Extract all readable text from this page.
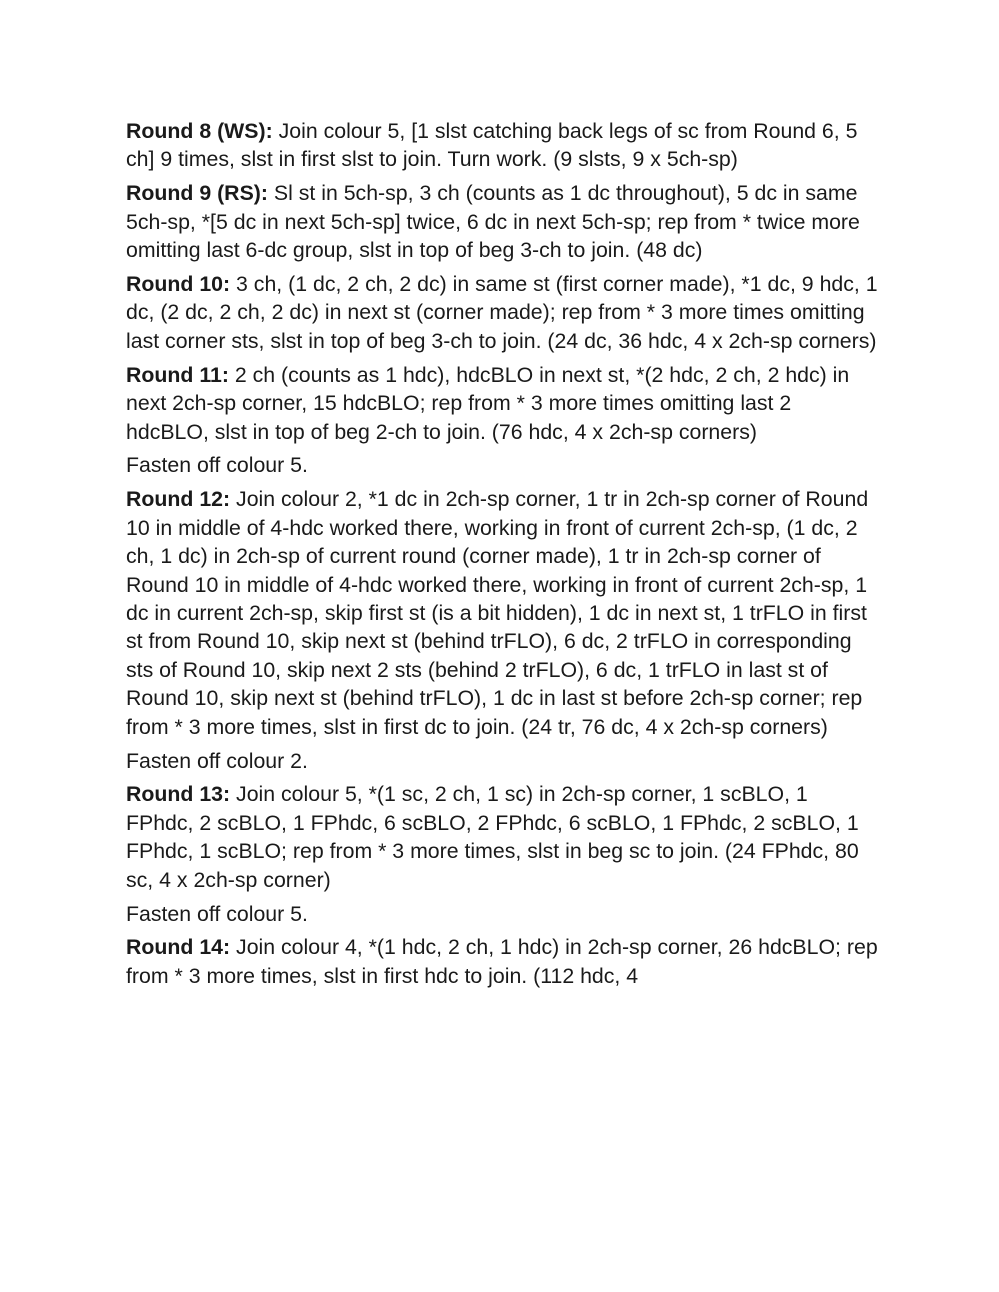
Round 8 (WS): Join colour 5, [1 slst catching back legs of sc from Round 6, 5 ch] 9 times, slst in first slst to join. Turn work. (9 slsts, 9 x 5ch-sp)

Round 9 (RS): Sl st in 5ch-sp, 3 ch (counts as 1 dc throughout), 5 dc in same 5ch-sp, *[5 dc in next 5ch-sp] twice, 6 dc in next 5ch-sp; rep from * twice more omitting last 6-dc group, slst in top of beg 3-ch to join. (48 dc)

Round 10: 3 ch, (1 dc, 2 ch, 2 dc) in same st (first corner made), *1 dc, 9 hdc, 1 dc, (2 dc, 2 ch, 2 dc) in next st (corner made); rep from * 3 more times omitting last corner sts, slst in top of beg 3-ch to join. (24 dc, 36 hdc, 4 x 2ch-sp corners)

Round 11: 2 ch (counts as 1 hdc), hdcBLO in next st, *(2 hdc, 2 ch, 2 hdc) in next 2ch-sp corner, 15 hdcBLO; rep from * 3 more times omitting last 2 hdcBLO, slst in top of beg 2-ch to join. (76 hdc, 4 x 2ch-sp corners)

Fasten off colour 5.

Round 12: Join colour 2, *1 dc in 2ch-sp corner, 1 tr in 2ch-sp corner of Round 10 in middle of 4-hdc worked there, working in front of current 2ch-sp, (1 dc, 2 ch, 1 dc) in 2ch-sp of current round (corner made), 1 tr in 2ch-sp corner of Round 10 in middle of 4-hdc worked there, working in front of current 2ch-sp, 1 dc in current 2ch-sp, skip first st (is a bit hidden), 1 dc in next st, 1 trFLO in first st from Round 10, skip next st (behind trFLO), 6 dc, 2 trFLO in corresponding sts of Round 10, skip next 2 sts (behind 2 trFLO), 6 dc, 1 trFLO in last st of Round 10, skip next st (behind trFLO), 1 dc in last st before 2ch-sp corner; rep from * 3 more times, slst in first dc to join. (24 tr, 76 dc, 4 x 2ch-sp corners)

Fasten off colour 2.

Round 13: Join colour 5, *(1 sc, 2 ch, 1 sc) in 2ch-sp corner, 1 scBLO, 1 FPhdc, 2 scBLO, 1 FPhdc, 6 scBLO, 2 FPhdc, 6 scBLO, 1 FPhdc, 2 scBLO, 1 FPhdc, 1 scBLO; rep from * 3 more times, slst in beg sc to join. (24 FPhdc, 80 sc, 4 x 2ch-sp corner)

Fasten off colour 5.

Round 14: Join colour 4, *(1 hdc, 2 ch, 1 hdc) in 2ch-sp corner, 26 hdcBLO; rep from * 3 more times, slst in first hdc to join. (112 hdc, 4
